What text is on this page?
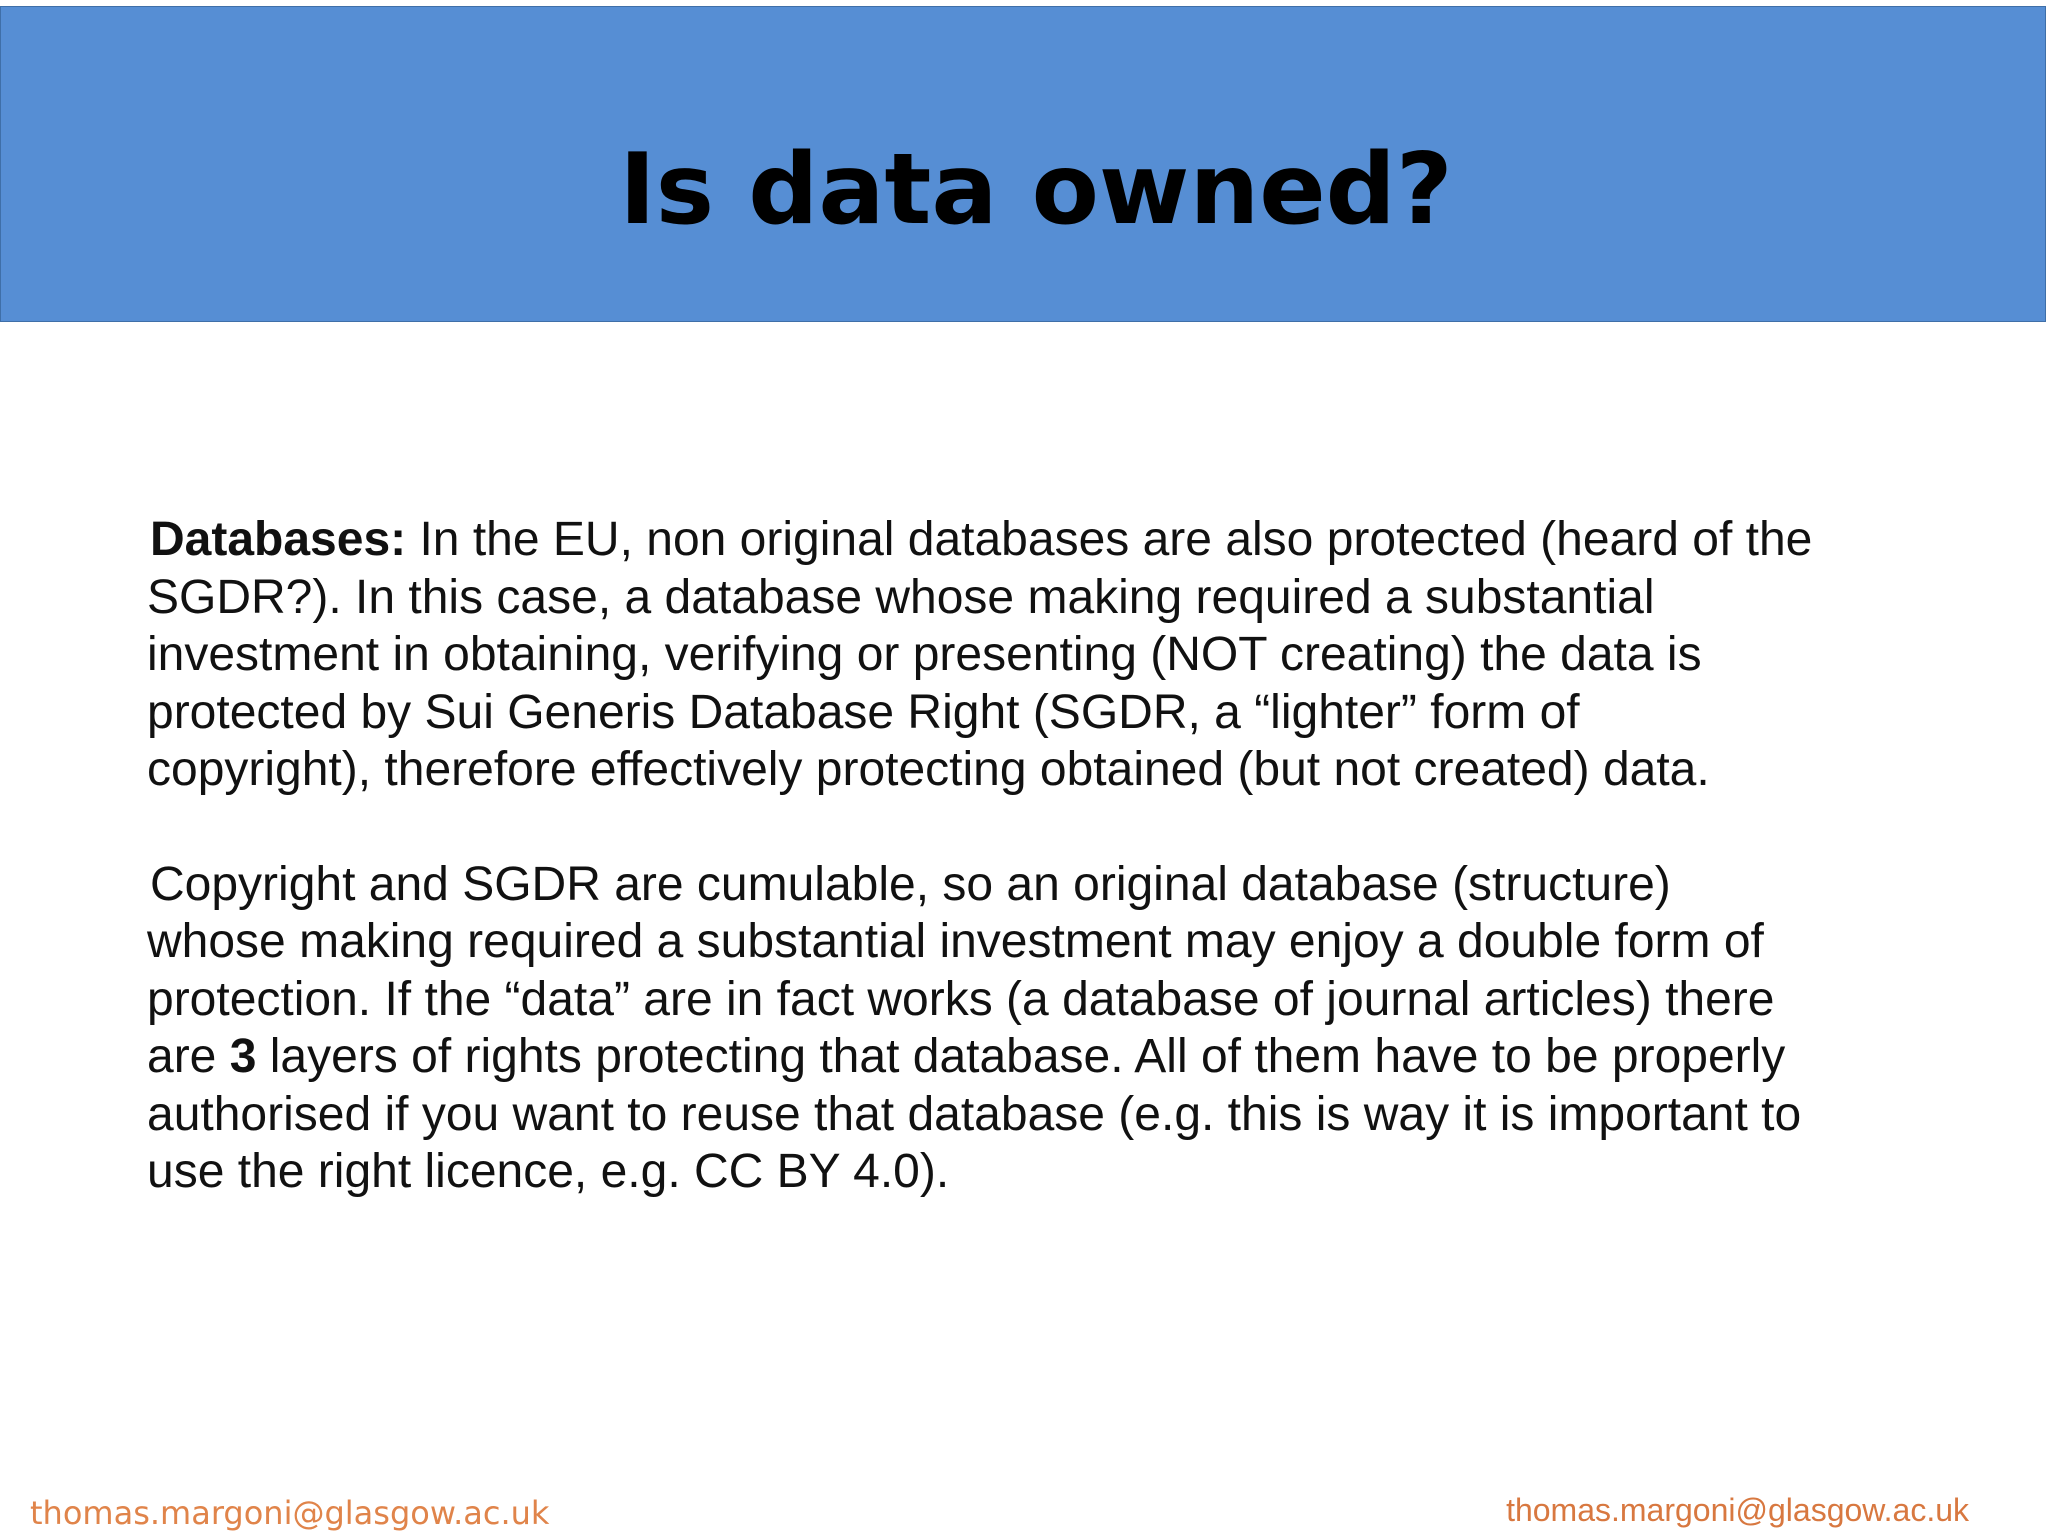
Is data owned?

Databases: In the EU, non original databases are also protected (heard of the
SGDR?). In this case, a database whose making required a substantial
investment in obtaining, verifying or presenting (NOT creating) the data is
protected by Sui Generis Database Right (SGDR, a “lighter” form of
copyright), therefore effectively protecting obtained (but not created) data.

Copyright and SGDR are cumulable, so an original database (structure)
whose making required a substantial investment may enjoy a double form of
protection. If the “data” are in fact works (a database of journal articles) there
are 3 layers of rights protecting that database. All of them have to be properly
authorised if you want to reuse that database (e.g. this is way it is important to
use the right licence, e.g. CC BY 4.0).

thomas.margoni@glasgow.ac.uk	thomas.margoni@glasgow.ac.uk
